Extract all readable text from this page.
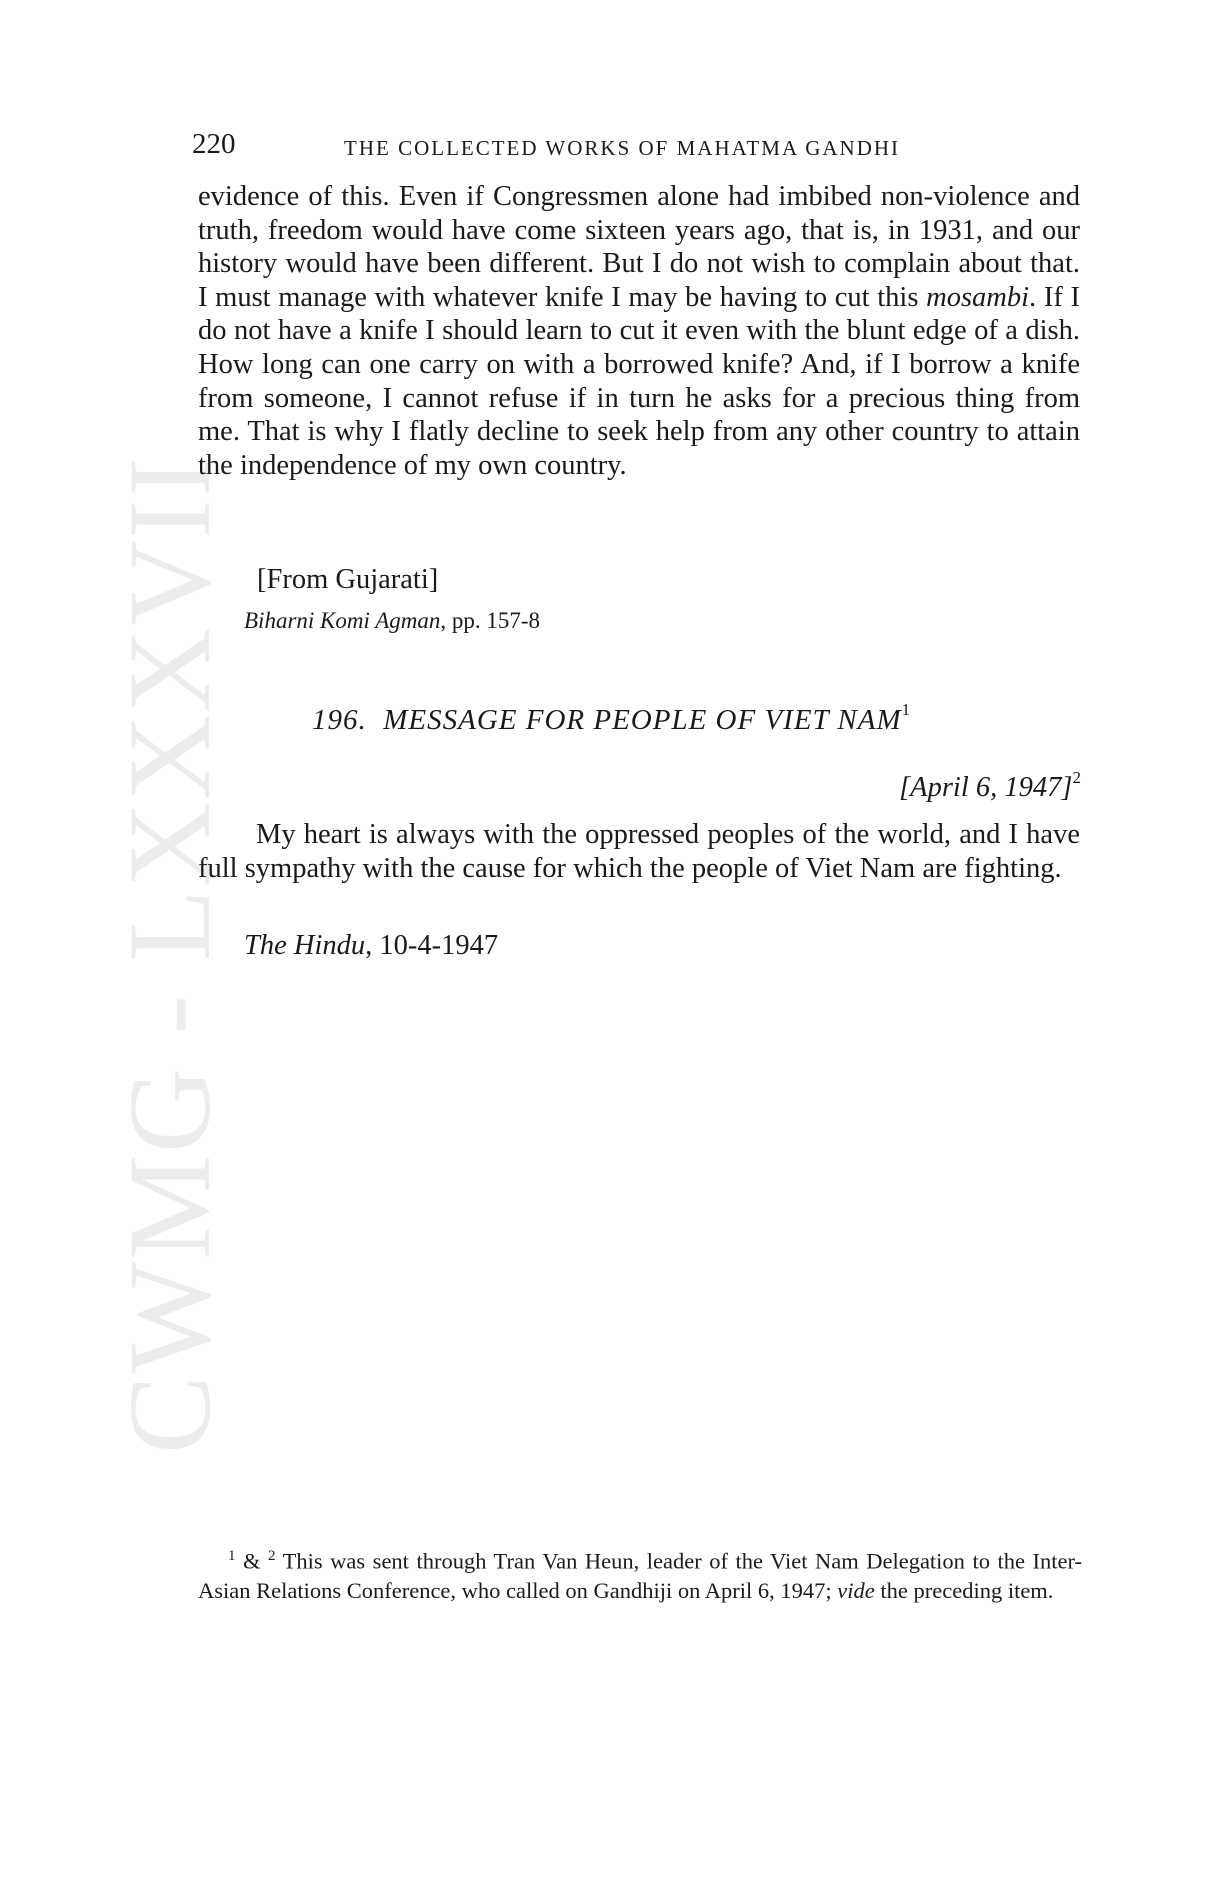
CWMG - LXXXVII
220	THE COLLECTED WORKS OF MAHATMA GANDHI

evidence of this. Even if Congressmen alone had imbibed non-violence and truth, freedom would have come sixteen years ago, that is, in 1931, and our history would have been different. But I do not wish to complain about that. I must manage with whatever knife I may be having to cut this mosambi. If I do not have a knife I should learn to cut it even with the blunt edge of a dish. How long can one carry on with a borrowed knife? And, if I borrow a knife from someone, I cannot refuse if in turn he asks for a precious thing from me. That is why I flatly decline to seek help from any other country to attain the independence of my own country.

[From Gujarati]
Biharni Komi Agman, pp. 157-8
196. MESSAGE FOR PEOPLE OF VIET NAM$^1$
[April 6, 1947]$^2$

My heart is always with the oppressed peoples of the world, and I have full sympathy with the cause for which the people of Viet Nam are fighting.

The Hindu, 10-4-1947

$^1$ & $^2$ This was sent through Tran Van Heun, leader of the Viet Nam Delegation to the Inter-Asian Relations Conference, who called on Gandhiji on April 6, 1947; vide the preceding item.
